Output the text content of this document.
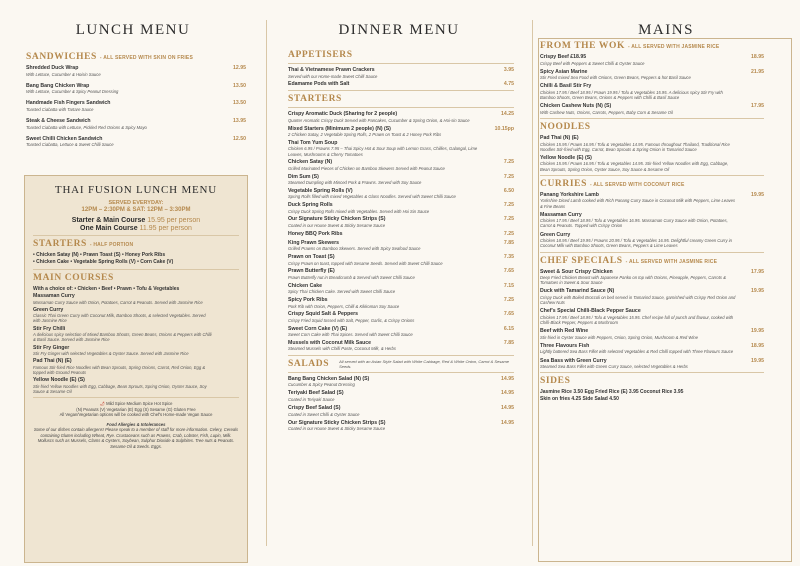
LUNCH MENU
SANDWICHES - ALL SERVED WITH SKIN ON FRIES
Shredded Duck Wrap
With Lettuce, Cucumber & Hoisin Sauce
12.95
Bang Bang Chicken Wrap
With Lettuce, Cucumber & Spicy Peanut Dressing
13.50
Handmade Fish Fingers Sandwich
Toasted Ciabatta with Tartare Sauce
13.50
Steak & Cheese Sandwich
Toasted Ciabatta with Lettuce, Pickled Red Onions & Spicy Mayo
13.95
Sweet Chilli Chicken Sandwich
Toasted Ciabatta, Lettuce & Sweet Chilli Sauce
12.50
THAI FUSION LUNCH MENU
SERVED EVERYDAY:
12PM – 2:30PM & SAT: 12PM – 3:30PM
Starter & Main Course 15.95 per person
One Main Course 11.95 per person
STARTERS - HALF PORTION
• Chicken Satay (N) • Prawn Toast (S) • Honey Pork Ribs
• Chicken Cake • Vegetable Spring Rolls (V) • Corn Cake (V)
MAIN COURSES
With a choice of: • Chicken • Beef • Prawn • Tofu & Vegetables
Massaman Curry
Massaman Curry Sauce with Onion, Potatoes, Carrot & Peanuts. Served with Jasmine Rice
Green Curry
Classic Thai Green Curry with Coconut Milk, Bamboo Shoots, & selected Vegetables. Served with Jasmine Rice
Stir Fry Chilli
A delicious spicy selection of Mixed Bamboo Shoots, Green Beans, Onions & Peppers with Chilli & Basil Sauce. Served with Jasmine Rice
Stir Fry Ginger
Stir Fry Ginger with selected Vegetables & Oyster Sauce. Served with Jasmine Rice
Pad Thai (N) (E)
Famous Stir-fried Rice Noodles with Bean Sprouts, Spring Onions, Carrot, Red Onion, Egg & topped with Ground Peanuts
Yellow Noodle (E) (S)
Stir-fried Yellow Noodles with Egg, Cabbage, Bean Sprouts, Spring Onion, Oyster Sauce, Soy Sauce & Sesame Oil
🌶 Mild Spice Medium Spice Hot Spice
(N) Peanuts (V) Vegetarian (E) Egg (S) Sesame (G) Gluten Free
All Vegan/Vegetarian options will be cooked with Chef's Home-made Vegan Sauce
Food Allergies & Intolerances
Some of our dishes contain allergens! Please speak to a member of staff for more information. Celery, Cereals containing Gluten including Wheat, Rye. Crustaceans such as Prawns, Crab, Lobster, Fish, Lupin, Milk. Molluscs such as Mussels, Clams & Oysters, Soybean, Sulphur Dioxide & Sulphites. Tree nuts & Peanuts. Sesame Oil & Seeds. Eggs.
DINNER MENU
APPETISERS
Thai & Vietnamese Prawn Crackers
Served with our Home-made Sweet Chilli Sauce
3.95
Edamame Pods with Salt	4.75
STARTERS
Crispy Aromatic Duck (Sharing for 2 people)
Quarter Aromatic Crispy Duck Served with Pancakes, Cucumber & Spring Onion, & Hoi-sin Sauce
14.25
Mixed Starters (Minimum 2 people) (N) (S)
2 Chicken Satay, 2 Vegetable Spring Rolls, 2 Prawn on Toast & 2 Honey Pork Ribs
10.15pp
Thai Tom Yum Soup
Chicken 6.95 / Prawns 7.95 – Thai Spicy Hot & Sour Soup with Lemon Grass, Chillies, Galangal, Lime Leaves, Mushrooms & Cherry Tomatoes
Chicken Satay (N)
Grilled Marinated Pieces of Chicken on Bamboo Skewers Served with Peanut Sauce
7.25
Dim Sum (S)
Steamed Dumpling with Minced Pork & Prawns. Served with Soy Sauce
7.25
Vegetable Spring Rolls (V)
Spring Rolls filled with mixed Vegetables & Glass Noodles. Served with Sweet Chilli Sauce
6.50
Duck Spring Rolls
Crispy Duck Spring Rolls mixed with Vegetables. Served with Hoi Sin Sauce
7.25
Our Signature Sticky Chicken Strips (S)
Coated in our House Sweet & Sticky Sesame Sauce
7.25
Honey BBQ Pork Ribs	7.25
King Prawn Skewers
Grilled Prawns on Bamboo Skewers. Served with Spicy Seafood Sauce
7.85
Prawn on Toast (S)
Crispy Prawn on toast, topped with Sesame Seeds. Served with Sweet Chilli Sauce
7.35
Prawn Butterfly (E)
Prawn Butterfly nut in Breadcrumb & Served with Sweet Chilli Sauce
7.65
Chicken Cake
Spicy Thai Chicken Cake. Served with Sweet Chilli Sauce
7.15
Spicy Pork Ribs
Pork Rib with Onion, Peppers, Chilli & Kikkoman Soy Sauce
7.25
Crispy Squid Salt & Peppers
Crispy Fried Squid tossed with Salt, Pepper, Garlic, & Crispy Onions
7.65
Sweet Corn Cake (V) (E)
Sweet Corn Cake with Thai Spices. Served with Sweet Chilli Sauce
6.15
Mussels with Coconut Milk Sauce
Steamed Mussels with Chilli Paste, Coconut Milk, & Herbs
7.85
SALADS	All served with an Asian Style Salad with White Cabbage, Red & White Onion, Carrot & Sesame Seeds.
Bang Bang Chicken Salad (N) (S)
Cucumber & Spicy Peanut Dressing
14.95
Teriyaki Beef Salad (S)
Coated in Teriyaki Sauce
14.95
Crispy Beef Salad (S)
Coated in Sweet Chilli & Oyster Sauce
14.95
Our Signature Sticky Chicken Strips (S)
Coated in our House Sweet & Sticky Sesame Sauce
14.95
MAINS
FROM THE WOK - ALL SERVED WITH JASMINE RICE
Crispy Beef £18.95
Crispy Beef with Peppers & Sweet Chilli & Oyster Sauce
18.95
Spicy Asian Marine
Stir Fried mixed Sea Food with Onions, Green Beans, Peppers & hot Basil Sauce
21.95
Chilli & Basil Stir Fry
Chicken 17.95 / Beef 18.95 / Prawn 19.95 / Tofu & Vegetables 15.95. A delicious spicy Stir Fry with Bamboo Shoots, Green Beans, Onions & Peppers with Chilli & Basil Sauce
Chicken Cashew Nuts (N) (S)
With Cashew Nuts, Onions, Carrots, Peppers, Baby Corn & Sesame Oil
17.95
NOODLES
Pad Thai (N) (E)
Chicken 15.95 / Prawn 16.95 / Tofu & Vegetables 14.95. Famous throughout Thailand, Traditional Rice Noodles Stir-fried with Egg, Carrot, Bean Sprouts & Spring Onion in Tamarind Sauce
Yellow Noodle (E) (S)
Chicken 15.95 / Prawn 16.95 / Tofu & Vegetables 14.95. Stir-fried Yellow Noodles with Egg, Cabbage, Bean Sprouts, Spring Onion, Oyster Sauce, Soy Sauce & Sesame Oil
CURRIES - ALL SERVED WITH COCONUT RICE
Panang Yorkshire Lamb
Yorkshire Diced Lamb cooked with Rich Panang Curry Sauce in Coconut Milk with Peppers, Lime Leaves & Fine Beans
19.95
Massaman Curry
Chicken 17.95 / Beef 18.95 / Tofu & Vegetables 16.95. Massaman Curry Sauce with Onion, Potatoes, Carrot & Peanuts. Topped with Crispy Onion
Green Curry
Chicken 18.95 / Beef 19.95 / Prawns 20.95 / Tofu & Vegetables 16.95. Delightful creamy Green Curry in Coconut Milk with Bamboo Shoots, Green Beans, Peppers & Lime Leaves
CHEF SPECIALS - ALL SERVED WITH JASMINE RICE
Sweet & Sour Crispy Chicken
Deep Fried Chicken Breast with Japanese Panko on top with Onions, Pineapple, Peppers, Carrots & Tomatoes in Sweet & Sour Sauce
17.95
Duck with Tamarind Sauce (N)
Crispy Duck with Boiled Broccoli on bed served in Tamarind Sauce, garnished with Crispy Red Onion and Cashew Nuts
19.95
Chef's Special Chilli-Black Pepper Sauce
Chicken 17.95 / Beef 18.95 / Tofu & Vegetables 15.95. Chef recipe full of punch and flavour, cooked with Chilli-Black Pepper, Peppers & Mushroom
Beef with Red Wine
Stir-fried in Oyster Sauce with Peppers, Onion, Spring Onion, Mushroom & Red Wine
19.95
Three Flavours Fish
Lightly battered Sea Bass Fillet with selected Vegetables & Red Chilli topped with Three Flavours Sauce
18.95
Sea Bass with Green Curry
Steamed Sea Bass Fillet with Green Curry Sauce, selected Vegetables & Herbs
19.95
SIDES
Jasmine Rice 3.50 Egg Fried Rice (E) 3.95 Coconut Rice 3.95
Skin on fries 4.25 Side Salad 4.50
